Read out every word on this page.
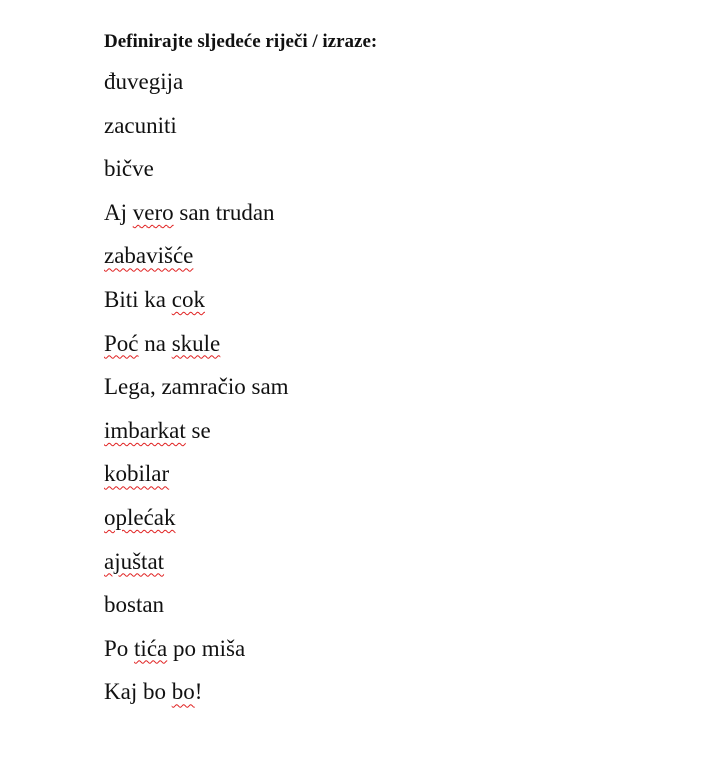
Definirajte sljedeće riječi / izraze:
đuvegija
zacuniti
bičve
Aj vero san trudan
zabavišće
Biti ka cok
Poć na skule
Lega, zamračio sam
imbarkat se
kobilar
oplećak
ajuštat
bostan
Po tića po miša
Kaj bo bo!
